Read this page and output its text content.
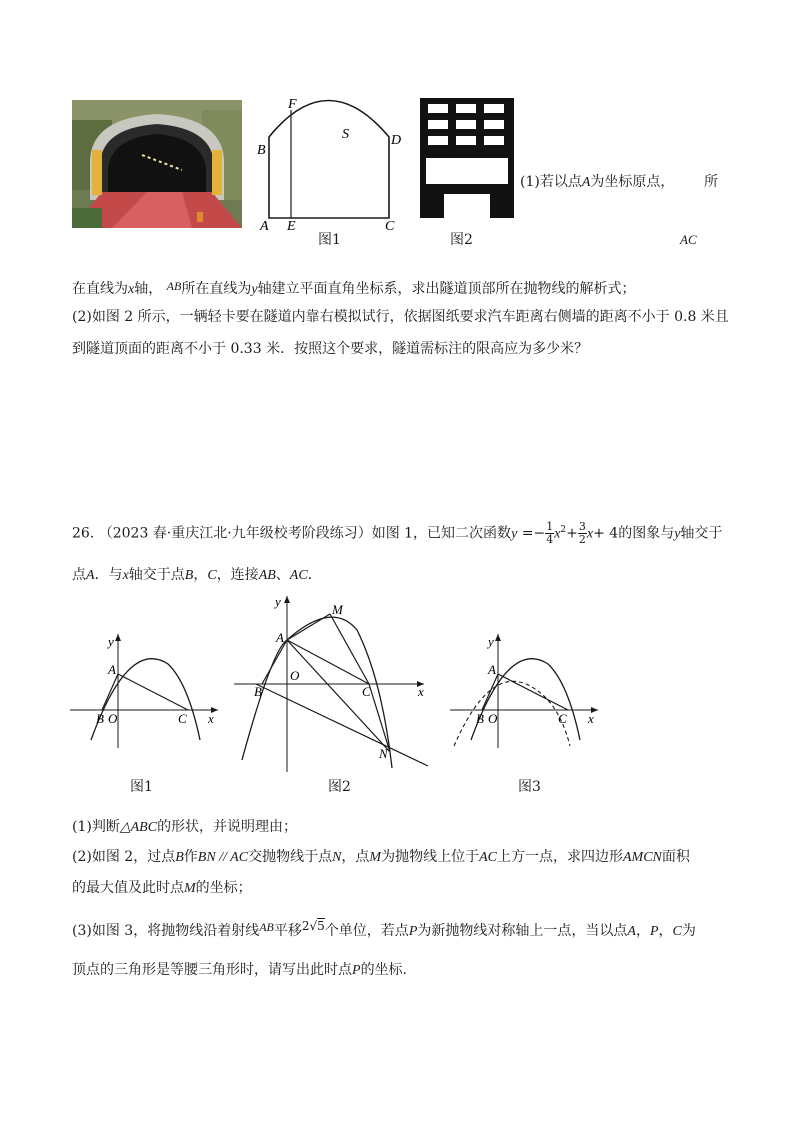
F
B
S	D
A E	C
图1	图2
(1)若以点A为坐标原点， 所
AC
在直线为x轴， AB所在直线为y轴建立平面直角坐标系，求出隧道顶部所在抛物线的解析式；
(2)如图 2 所示，一辆轻卡要在隧道内靠右模拟试行，依据图纸要求汽车距离右侧墙的距离不小于 0.8 米且
到隧道顶面的距离不小于 0.33 米．按照这个要求，隧道需标注的限高应为多少米？
26. （2023 春·重庆江北·九年级校考阶段练习）如图 1，已知二次函数$y =- \frac{1}{4} x^2+ \frac{3}{2} x+ 4$的图象与y轴交于
点A．与x轴交于点B，C，连接AB、AC．
y
A
B O	C x
图1
y
A
M
O
B	C	x
N
图2
y
A
B O	C x
图3
(1)判断△ABC的形状，并说明理由；
(2)如图 2，过点B作BN // AC交抛物线于点N，点M为抛物线上位于AC上方一点，求四边形AMCN面积
的最大值及此时点M的坐标；
(3)如图 3，将抛物线沿着射线AB平移2√5个单位，若点P为新抛物线对称轴上一点，当以点A，P，C为
顶点的三角形是等腰三角形时，请写出此时点P的坐标.
